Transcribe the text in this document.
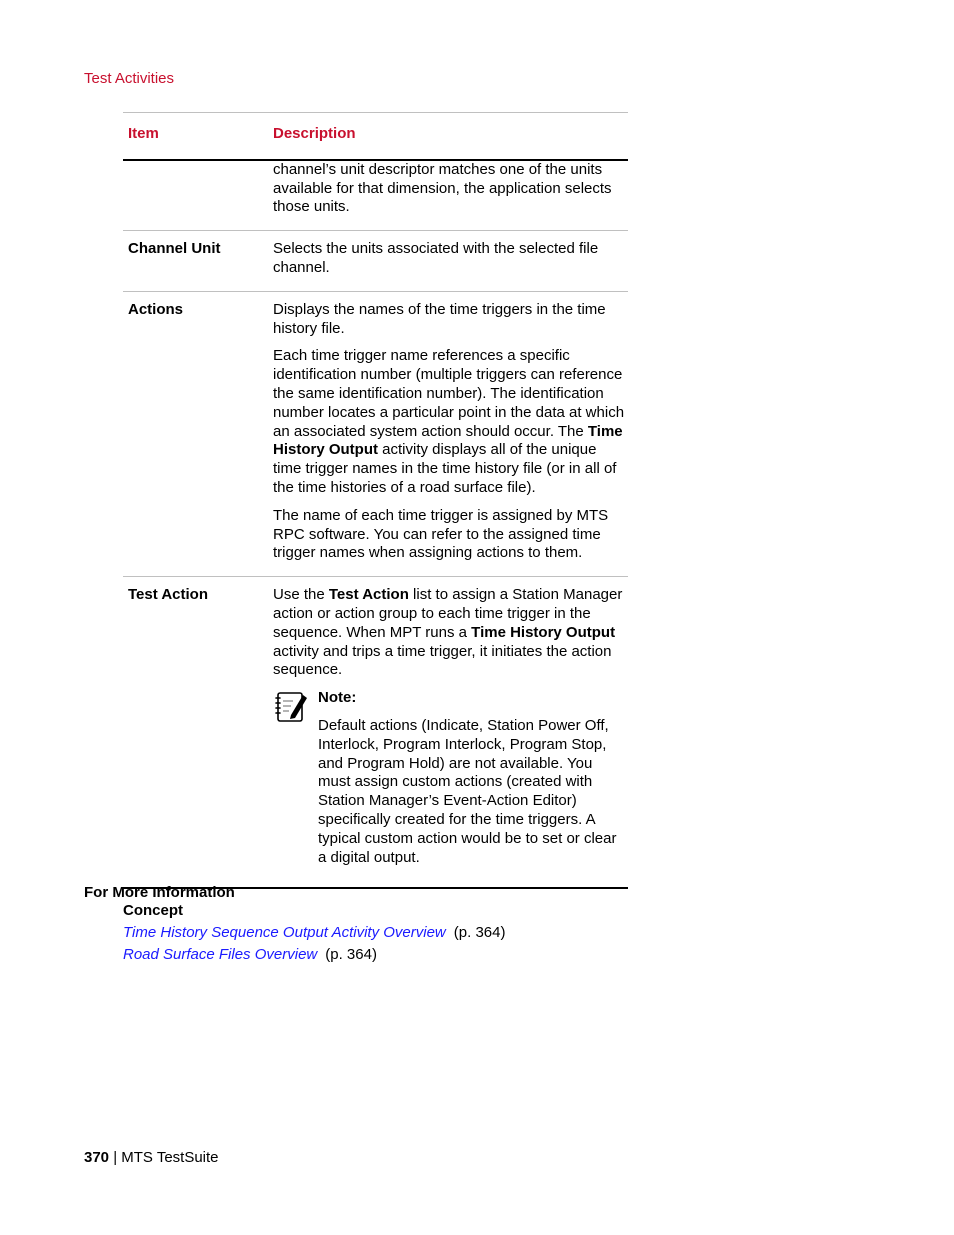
Test Activities
Item	Description
	channel’s unit descriptor matches one of the units available for that dimension, the application selects those units.
Channel Unit	Selects the units associated with the selected file channel.
Actions	Displays the names of the time triggers in the time history file.

Each time trigger name references a specific identification number (multiple triggers can reference the same identification number). The identification number locates a particular point in the data at which an associated system action should occur. The Time History Output activity displays all of the unique time trigger names in the time history file (or in all of the time histories of a road surface file).

The name of each time trigger is assigned by MTS RPC software. You can refer to the assigned time trigger names when assigning actions to them.

Test Action	Use the Test Action list to assign a Station Manager action or action group to each time trigger in the sequence. When MPT runs a Time History Output activity and trips a time trigger, it initiates the action sequence.

Note:
Default actions (Indicate, Station Power Off, Interlock, Program Interlock, Program Stop, and Program Hold) are not available. You must assign custom actions (created with Station Manager’s Event-Action Editor) specifically created for the time triggers. A typical custom action would be to set or clear a digital output.
For More Information
Concept
Time History Sequence Output Activity Overview (p. 364)
Road Surface Files Overview (p. 364)
370 | MTS TestSuite
